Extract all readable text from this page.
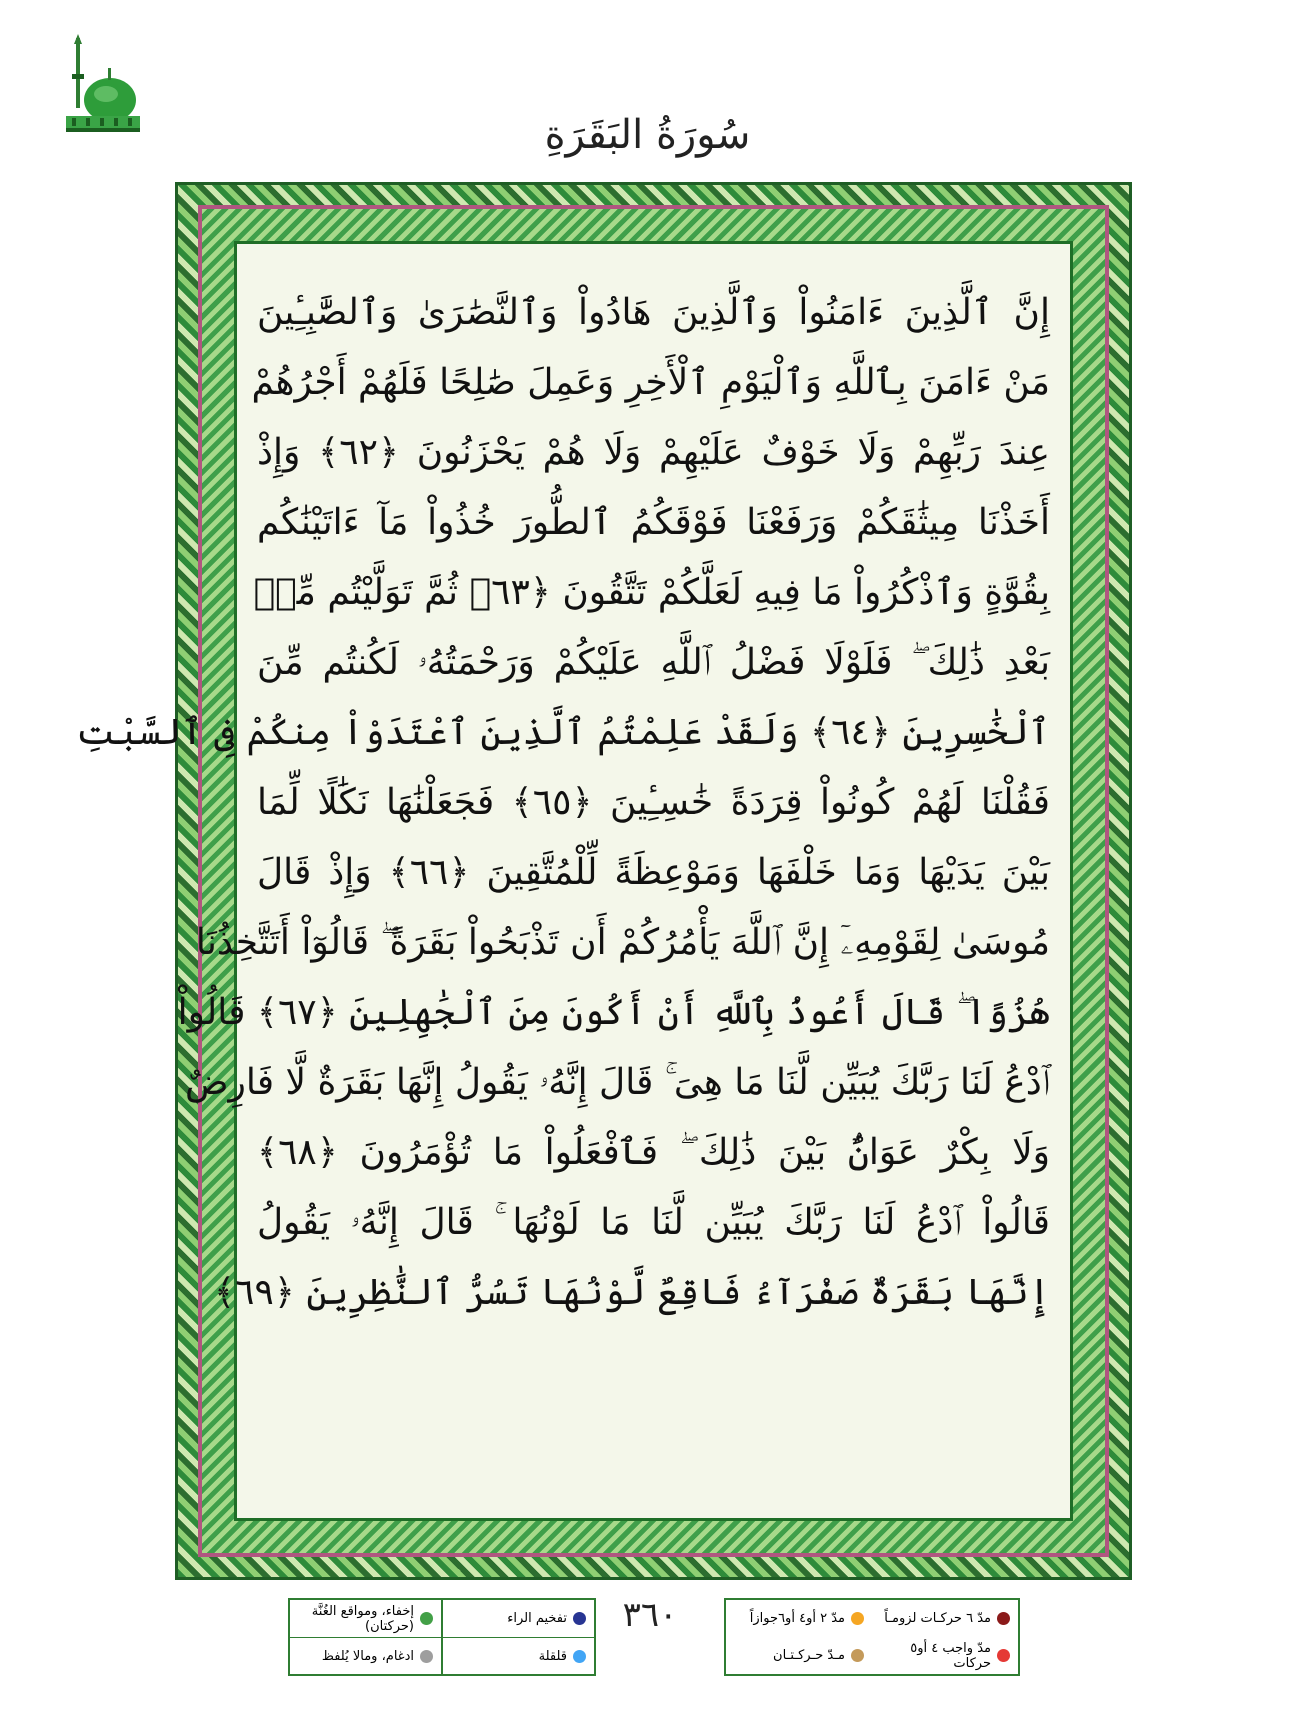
سُورَةُ البَقَرَةِ
إِنَّ ٱلَّذِينَ ءَامَنُواْ وَٱلَّذِينَ هَادُواْ وَٱلنَّصَٰرَىٰ وَٱلصَّٰبِـِٔينَ
مَنْ ءَامَنَ بِٱللَّهِ وَٱلْيَوْمِ ٱلْأَخِرِ وَعَمِلَ صَٰلِحًا فَلَهُمْ أَجْرُهُمْ
عِندَ رَبِّهِمْ وَلَا خَوْفٌ عَلَيْهِمْ وَلَا هُمْ يَحْزَنُونَ ﴿٦٢﴾ وَإِذْ
أَخَذْنَا مِيثَٰقَكُمْ وَرَفَعْنَا فَوْقَكُمُ ٱلطُّورَ خُذُواْ مَآ ءَاتَيْنَٰكُم
بِقُوَّةٍ وَٱذْكُرُواْ مَا فِيهِ لَعَلَّكُمْ تَتَّقُونَ ﴿٦٣﴾ ثُمَّ تَوَلَّيْتُم مِّنۢ
بَعْدِ ذَٰلِكَ ۖ فَلَوْلَا فَضْلُ ٱللَّهِ عَلَيْكُمْ وَرَحْمَتُهُۥ لَكُنتُم مِّنَ
ٱلْخَٰسِرِينَ ﴿٦٤﴾ وَلَقَدْ عَلِمْتُمُ ٱلَّذِينَ ٱعْتَدَوْاْ مِنكُمْ فِى ٱلسَّبْتِ
فَقُلْنَا لَهُمْ كُونُواْ قِرَدَةً خَٰسِـِٔينَ ﴿٦٥﴾ فَجَعَلْنَٰهَا نَكَٰلًا لِّمَا
بَيْنَ يَدَيْهَا وَمَا خَلْفَهَا وَمَوْعِظَةً لِّلْمُتَّقِينَ ﴿٦٦﴾ وَإِذْ قَالَ
مُوسَىٰ لِقَوْمِهِۦٓ إِنَّ ٱللَّهَ يَأْمُرُكُمْ أَن تَذْبَحُواْ بَقَرَةً ۖ قَالُوٓاْ أَتَتَّخِذُنَا
هُزُوًا ۖ قَالَ أَعُوذُ بِٱللَّهِ أَنْ أَكُونَ مِنَ ٱلْجَٰهِلِينَ ﴿٦٧﴾ قَالُواْ
ٱدْعُ لَنَا رَبَّكَ يُبَيِّن لَّنَا مَا هِىَ ۚ قَالَ إِنَّهُۥ يَقُولُ إِنَّهَا بَقَرَةٌ لَّا فَارِضٌ
وَلَا بِكْرٌ عَوَانٌۢ بَيْنَ ذَٰلِكَ ۖ فَٱفْعَلُواْ مَا تُؤْمَرُونَ ﴿٦٨﴾
قَالُواْ ٱدْعُ لَنَا رَبَّكَ يُبَيِّن لَّنَا مَا لَوْنُهَا ۚ قَالَ إِنَّهُۥ يَقُولُ
إِنَّهَا بَقَرَةٌ صَفْرَآءُ فَاقِعٌ لَّوْنُهَا تَسُرُّ ٱلنَّٰظِرِينَ ﴿٦٩﴾
تفخيم الراء
إخفاء، ومواقع الغُنَّة (حركتان)
قلقلة
ادغام، ومالا يُلفظ
٣٦٠	مدّ ٦ حركـات لزومـاً
مدّ ٢ أو٤ أو٦جوازاً
مدّ واجب ٤ أو٥ حركات
مـدّ حـركـتـان
